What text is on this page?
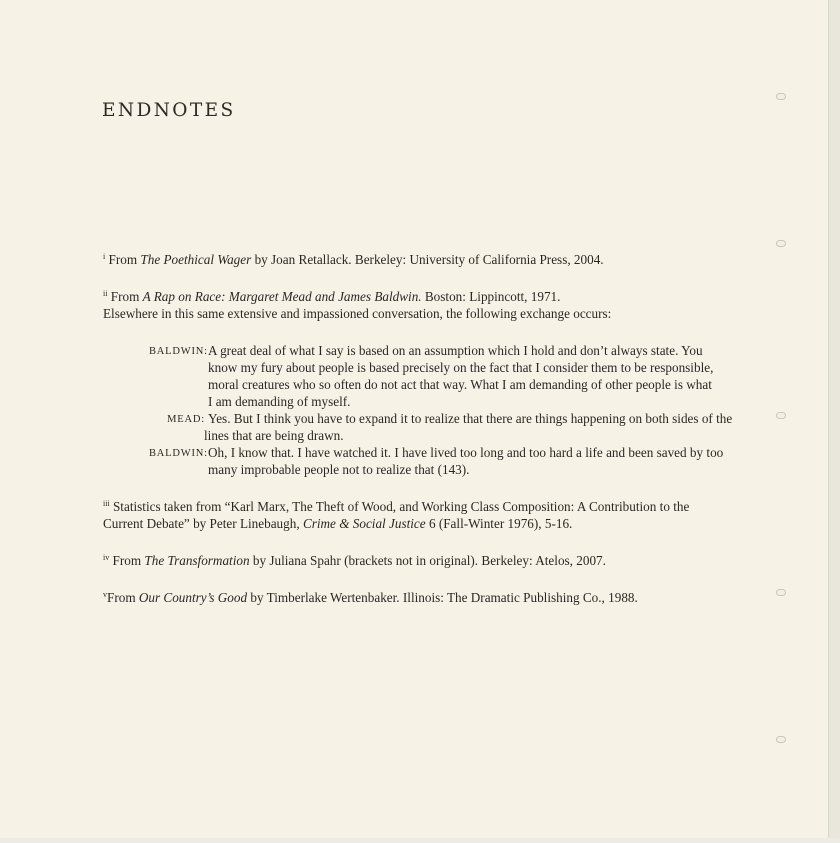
ENDNOTES

$^i$ From The Poethical Wager by Joan Retallack. Berkeley: University of California Press, 2004.

$^{ii}$ From A Rap on Race: Margaret Mead and James Baldwin. Boston: Lippincott, 1971.

Elsewhere in this same extensive and impassioned conversation, the following exchange occurs:

BALDWIN: A great deal of what I say is based on an assumption which I hold and don’t always state. You
know my fury about people is based precisely on the fact that I consider them to be responsible,
moral creatures who so often do not act that way. What I am demanding of other people is what
I am demanding of myself.
MEAD: Yes. But I think you have to expand it to realize that there are things happening on both sides of the
lines that are being drawn.
BALDWIN: Oh, I know that. I have watched it. I have lived too long and too hard a life and been saved by too
many improbable people not to realize that (143).

$^{iii}$ Statistics taken from “Karl Marx, The Theft of Wood, and Working Class Composition: A Contribution to the

Current Debate” by Peter Linebaugh, Crime & Social Justice 6 (Fall-Winter 1976), 5-16.

$^{iv}$ From The Transformation by Juliana Spahr (brackets not in original). Berkeley: Atelos, 2007.

$^v$From Our Country’s Good by Timberlake Wertenbaker. Illinois: The Dramatic Publishing Co., 1988.
